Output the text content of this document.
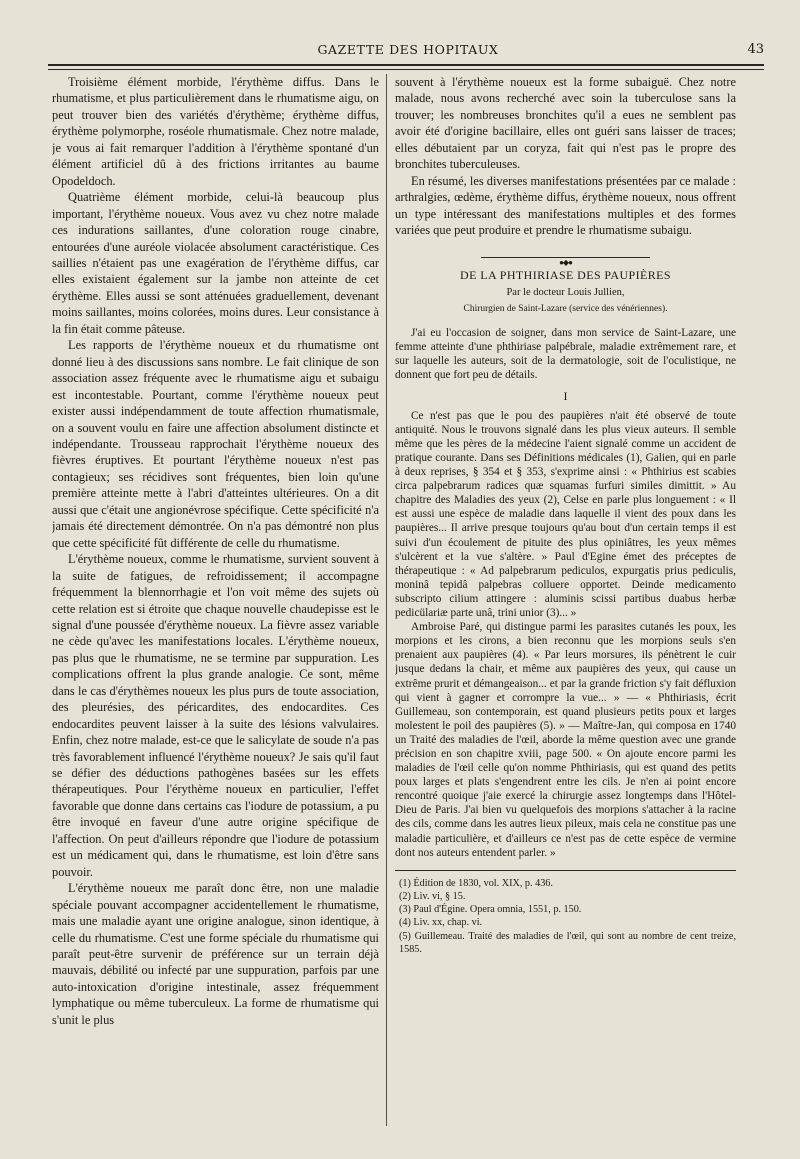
GAZETTE DES HOPITAUX	43

Troisième élément morbide, l'érythème diffus. Dans le rhumatisme, et plus particulièrement dans le rhumatisme aigu, on peut trouver bien des variétés d'érythème; érythème diffus, érythème polymorphe, roséole rhumatismale. Chez notre malade, je vous ai fait remarquer l'addition à l'érythème spontané d'un élément artificiel dû à des frictions irritantes au baume Opodeldoch.

Quatrième élément morbide, celui-là beaucoup plus important, l'érythème noueux. Vous avez vu chez notre malade ces indurations saillantes, d'une coloration rouge cinabre, entourées d'une auréole violacée absolument caractéristique. Ces saillies n'étaient pas une exagération de l'érythème diffus, car elles existaient également sur la jambe non atteinte de cet érythème. Elles aussi se sont atténuées graduellement, devenant moins saillantes, moins colorées, moins dures. Leur consistance à la fin était comme pâteuse.

Les rapports de l'érythème noueux et du rhumatisme ont donné lieu à des discussions sans nombre. Le fait clinique de son association assez fréquente avec le rhumatisme aigu et subaigu est incontestable. Pourtant, comme l'érythème noueux peut exister aussi indépendamment de toute affection rhumatismale, on a souvent voulu en faire une affection absolument distincte et indépendante. Trousseau rapprochait l'érythème noueux des fièvres éruptives. Et pourtant l'érythème noueux n'est pas contagieux; ses récidives sont fréquentes, bien loin qu'une première atteinte mette à l'abri d'atteintes ultérieures. On a dit aussi que c'était une angionévrose spécifique. Cette spécificité n'a jamais été directement démontrée. On n'a pas démontré non plus que cette spécificité fût différente de celle du rhumatisme.

L'érythème noueux, comme le rhumatisme, survient souvent à la suite de fatigues, de refroidissement; il accompagne fréquemment la blennorrhagie et l'on voit même des sujets où cette relation est si étroite que chaque nouvelle chaudepisse est le signal d'une poussée d'érythème noueux. La fièvre assez variable ne cède qu'avec les manifestations locales. L'érythème noueux, pas plus que le rhumatisme, ne se termine par suppuration. Les complications offrent la plus grande analogie. Ce sont, même dans le cas d'érythèmes noueux les plus purs de toute association, des pleurésies, des péricardites, des endocardites. Ces endocardites peuvent laisser à la suite des lésions valvulaires. Enfin, chez notre malade, est-ce que le salicylate de soude n'a pas très favorablement influencé l'érythème noueux? Je sais qu'il faut se défier des déductions pathogènes basées sur les effets thérapeutiques. Pour l'érythème noueux en particulier, l'effet favorable que donne dans certains cas l'iodure de potassium, a pu être invoqué en faveur d'une autre origine spécifique de l'affection. On peut d'ailleurs répondre que l'iodure de potassium est un médicament qui, dans le rhumatisme, est loin d'être sans pouvoir.

L'érythème noueux me paraît donc être, non une maladie spéciale pouvant accompagner accidentellement le rhumatisme, mais une maladie ayant une origine analogue, sinon identique, à celle du rhumatisme. C'est une forme spéciale du rhumatisme qui paraît peut-être survenir de préférence sur un terrain déjà mauvais, débilité ou infecté par une suppuration, parfois par une auto-intoxication d'origine intestinale, assez fréquemment lymphatique ou même tuberculeux. La forme de rhumatisme qui s'unit le plus

souvent à l'érythème noueux est la forme subaiguë. Chez notre malade, nous avons recherché avec soin la tuberculose sans la trouver; les nombreuses bronchites qu'il a eues ne semblent pas avoir été d'origine bacillaire, elles ont guéri sans laisser de traces; elles débutaient par un coryza, fait qui n'est pas le propre des bronchites tuberculeuses.

En résumé, les diverses manifestations présentées par ce malade : arthralgies, œdème, érythème diffus, érythème noueux, nous offrent un type intéressant des manifestations multiples et des formes variées que peut produire et prendre le rhumatisme subaigu.

●◆●
DE LA PHTHIRIASE DES PAUPIÈRES
Par le docteur Louis Jullien,
Chirurgien de Saint-Lazare (service des vénériennes).

J'ai eu l'occasion de soigner, dans mon service de Saint-Lazare, une femme atteinte d'une phthiriase palpébrale, maladie extrêmement rare, et sur laquelle les auteurs, soit de la dermatologie, soit de l'oculistique, ne donnent que fort peu de détails.

I

Ce n'est pas que le pou des paupières n'ait été observé de toute antiquité. Nous le trouvons signalé dans les plus vieux auteurs. Il semble même que les pères de la médecine l'aient signalé comme un accident de pratique courante. Dans ses Définitions médicales (1), Galien, qui en parle à deux reprises, § 354 et § 353, s'exprime ainsi : « Phthirius est scabies circa palpebrarum radices quæ squamas furfuri similes dimittit. » Au chapitre des Maladies des yeux (2), Celse en parle plus longuement : « Il est aussi une espèce de maladie dans laquelle il vient des poux dans les paupières... Il arrive presque toujours qu'au bout d'un certain temps il est suivi d'un écoulement de pituite des plus opiniâtres, les yeux mêmes s'ulcèrent et la vue s'altère. » Paul d'Egine émet des préceptes de thérapeutique : « Ad palpebrarum pediculos, expurgatis prius pediculis, moninâ tepidâ palpebras colluere opportet. Deinde medicamento subscripto cilium attingere : aluminis scissi partibus duabus herbæ pedicülariæ parte unâ, trini unior (3)... »

Ambroise Paré, qui distingue parmi les parasites cutanés les poux, les morpions et les cirons, a bien reconnu que les morpions seuls s'en prenaient aux paupières (4). « Par leurs morsures, ils pénètrent le cuir jusque dedans la chair, et même aux paupières des yeux, qui cause un extrême prurit et démangeaison... et par la grande friction s'y fait défluxion qui vient à gagner et corrompre la vue... » — « Phthiriasis, écrit Guillemeau, son contemporain, est quand plusieurs petits poux et larges molestent le poil des paupières (5). » — Maître-Jan, qui composa en 1740 un Traité des maladies de l'œil, aborde la même question avec une grande précision en son chapitre xviii, page 500. « On ajoute encore parmi les maladies de l'œil celle qu'on nomme Phthiriasis, qui est quand des petits poux larges et plats s'engendrent entre les cils. Je n'en ai point encore rencontré quoique j'aie exercé la chirurgie assez longtemps dans l'Hôtel-Dieu de Paris. J'ai bien vu quelquefois des morpions s'attacher à la racine des cils, comme dans les autres lieux pileux, mais cela ne constitue pas une maladie particulière, et d'ailleurs ce n'est pas de cette espèce de vermine dont nos auteurs entendent parler. »

(1) Édition de 1830, vol. XIX, p. 436.
(2) Liv. vi, § 15.
(3) Paul d'Égine. Opera omnia, 1551, p. 150.
(4) Liv. xx, chap. vi.
(5) Guillemeau. Traité des maladies de l'œil, qui sont au nombre de cent treize, 1585.
